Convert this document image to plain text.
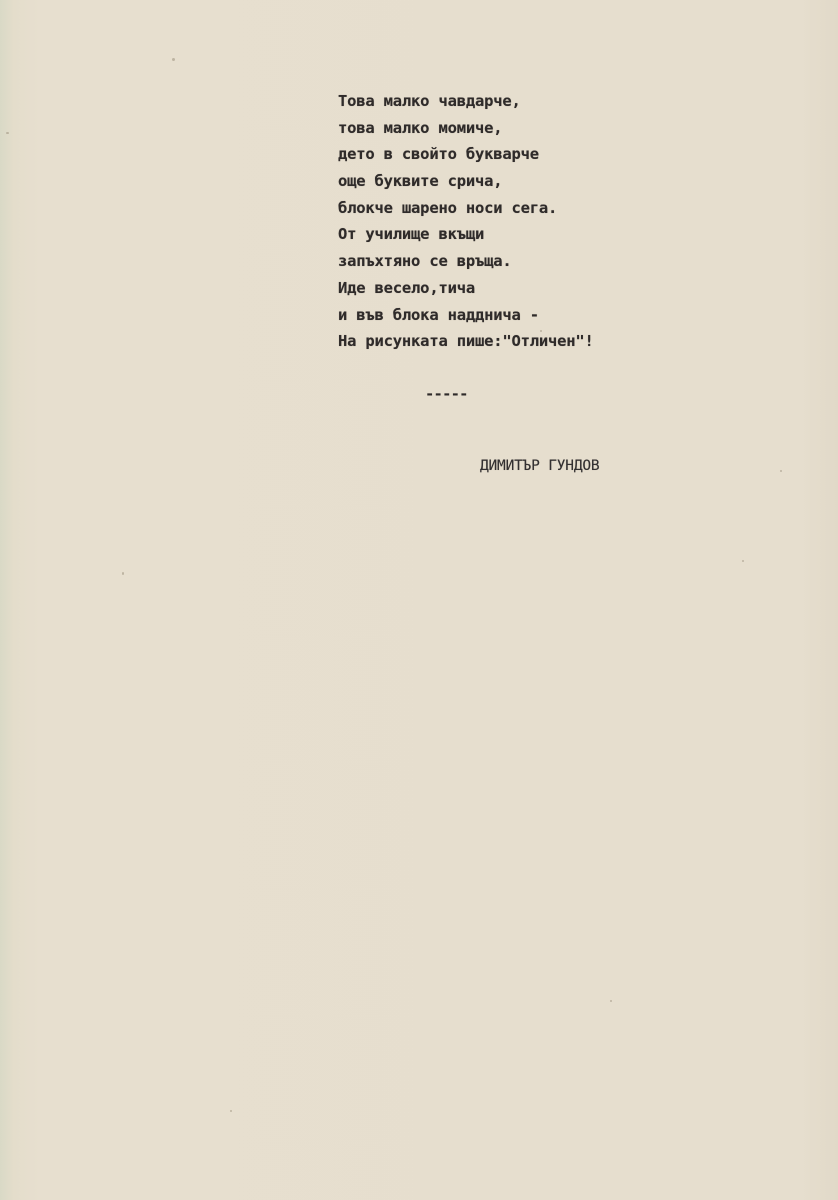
Това малко чавдарче,
това малко момиче,
дето в свойто букварче
още буквите срича,
блокче шарено носи сега.
От училище вкъщи
запъхтяно се връща.
Иде весело,тича
и във блока надднича -
На рисунката пише:"Отличен"!
-----
ДИМИТЪР ГУНДОВ
